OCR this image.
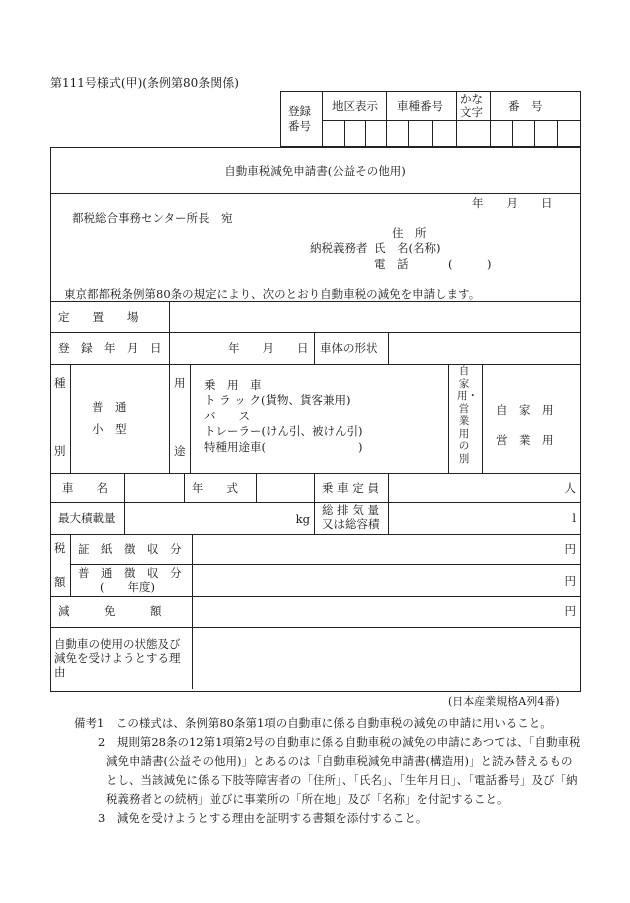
第111号様式(甲)(条例第80条関係)
登録番号
地区表示 車種番号 かな文字	番　号
自動車税減免申請書(公益その他用)
年　　月　　日
都税総合事務センター所長　宛
住　所
納税義務者 氏　名(名称)
電　話	(　　　)
東京都都税条例第80条の規定により、次のとおり自動車税の減免を申請します。
定　　置　　場
登　録　年　月　日	年　　月　　日 車体の形状
種
別
普　通
小　型
用
途
乗　用　車
ト ラ ッ ク(貨物、貨客兼用)
バ　　ス
トレーラー(けん引、被けん引)
特種用途車(　　　　　　　　)
自家用・営業用の別
自　家　用
営　業　用
車　　名	年　　式	乗 車 定 員	人
最大積載量	kg
総 排 気 量 又は総容積	l
税
額
証　紙　徴　収　分	円
普　通　徴　収　分
(　　年度)	円
減　　　免　　　額	円
自動車の使用の状態及び減免を受けようとする理由
(日本産業規格A列4番)
備考1　この様式は、条例第80条第1項の自動車に係る自動車税の減免の申請に用いること。
2　規則第28条の12第1項第2号の自動車に係る自動車税の減免の申請にあつては、「自動車税
減免申請書(公益その他用)」とあるのは「自動車税減免申請書(構造用)」と読み替えるもの
とし、当該減免に係る下肢等障害者の「住所」、「氏名」、「生年月日」、「電話番号」及び「納
税義務者との続柄」並びに事業所の「所在地」及び「名称」を付記すること。
3　減免を受けようとする理由を証明する書類を添付すること。
